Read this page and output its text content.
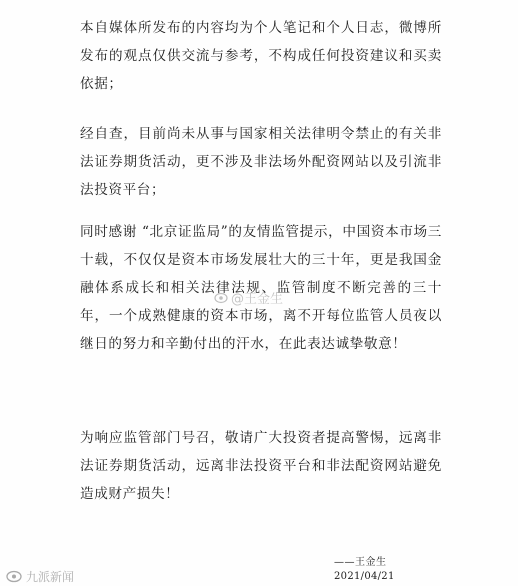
本自媒体所发布的内容均为个人笔记和个人日志，微博所发布的观点仅供交流与参考，不构成任何投资建议和买卖依据；

经自查，目前尚未从事与国家相关法律明令禁止的有关非法证券期货活动，更不涉及非法场外配资网站以及引流非法投资平台；

同时感谢 “北京证监局”的友情监管提示，中国资本市场三十载，不仅仅是资本市场发展壮大的三十年，更是我国金融体系成长和相关法律法规、监管制度不断完善的三十年，一个成熟健康的资本市场，离不开每位监管人员夜以继日的努力和辛勤付出的汗水，在此表达诚挚敬意！

为响应监管部门号召，敬请广大投资者提高警惕，远离非法证券期货活动，远离非法投资平台和非法配资网站避免造成财产损失！

——王金生
2021/04/21
@王金生
九派新闻
